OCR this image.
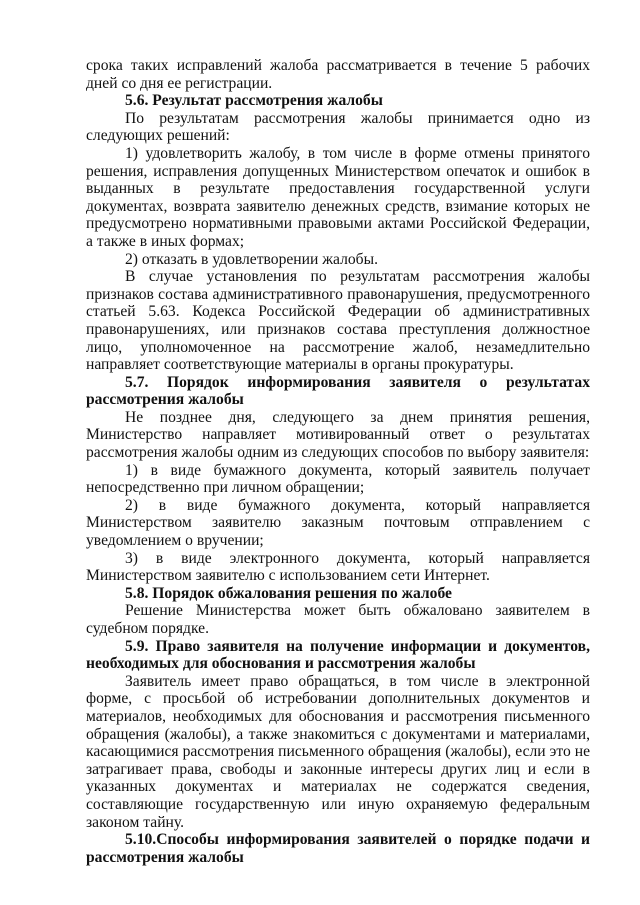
срока таких исправлений жалоба рассматривается в течение 5 рабочих дней со дня ее регистрации.

5.6. Результат рассмотрения жалобы

По результатам рассмотрения жалобы принимается одно из следующих решений:

1) удовлетворить жалобу, в том числе в форме отмены принятого решения, исправления допущенных Министерством опечаток и ошибок в выданных в результате предоставления государственной услуги документах, возврата заявителю денежных средств, взимание которых не предусмотрено нормативными правовыми актами Российской Федерации, а также в иных формах;

2) отказать в удовлетворении жалобы.

В случае установления по результатам рассмотрения жалобы признаков состава административного правонарушения, предусмотренного статьей 5.63. Кодекса Российской Федерации об административных правонарушениях, или признаков состава преступления должностное лицо, уполномоченное на рассмотрение жалоб, незамедлительно направляет соответствующие материалы в органы прокуратуры.

5.7. Порядок информирования заявителя о результатах рассмотрения жалобы

Не позднее дня, следующего за днем принятия решения, Министерство направляет мотивированный ответ о результатах рассмотрения жалобы одним из следующих способов по выбору заявителя:

1) в виде бумажного документа, который заявитель получает непосредственно при личном обращении;

2) в виде бумажного документа, который направляется Министерством заявителю заказным почтовым отправлением с уведомлением о вручении;

3) в виде электронного документа, который направляется Министерством заявителю с использованием сети Интернет.

5.8. Порядок обжалования решения по жалобе

Решение Министерства может быть обжаловано заявителем в судебном порядке.

5.9. Право заявителя на получение информации и документов, необходимых для обоснования и рассмотрения жалобы

Заявитель имеет право обращаться, в том числе в электронной форме, с просьбой об истребовании дополнительных документов и материалов, необходимых для обоснования и рассмотрения письменного обращения (жалобы), а также знакомиться с документами и материалами, касающимися рассмотрения письменного обращения (жалобы), если это не затрагивает права, свободы и законные интересы других лиц и если в указанных документах и материалах не содержатся сведения, составляющие государственную или иную охраняемую федеральным законом тайну.

5.10.Способы информирования заявителей о порядке подачи и рассмотрения жалобы
